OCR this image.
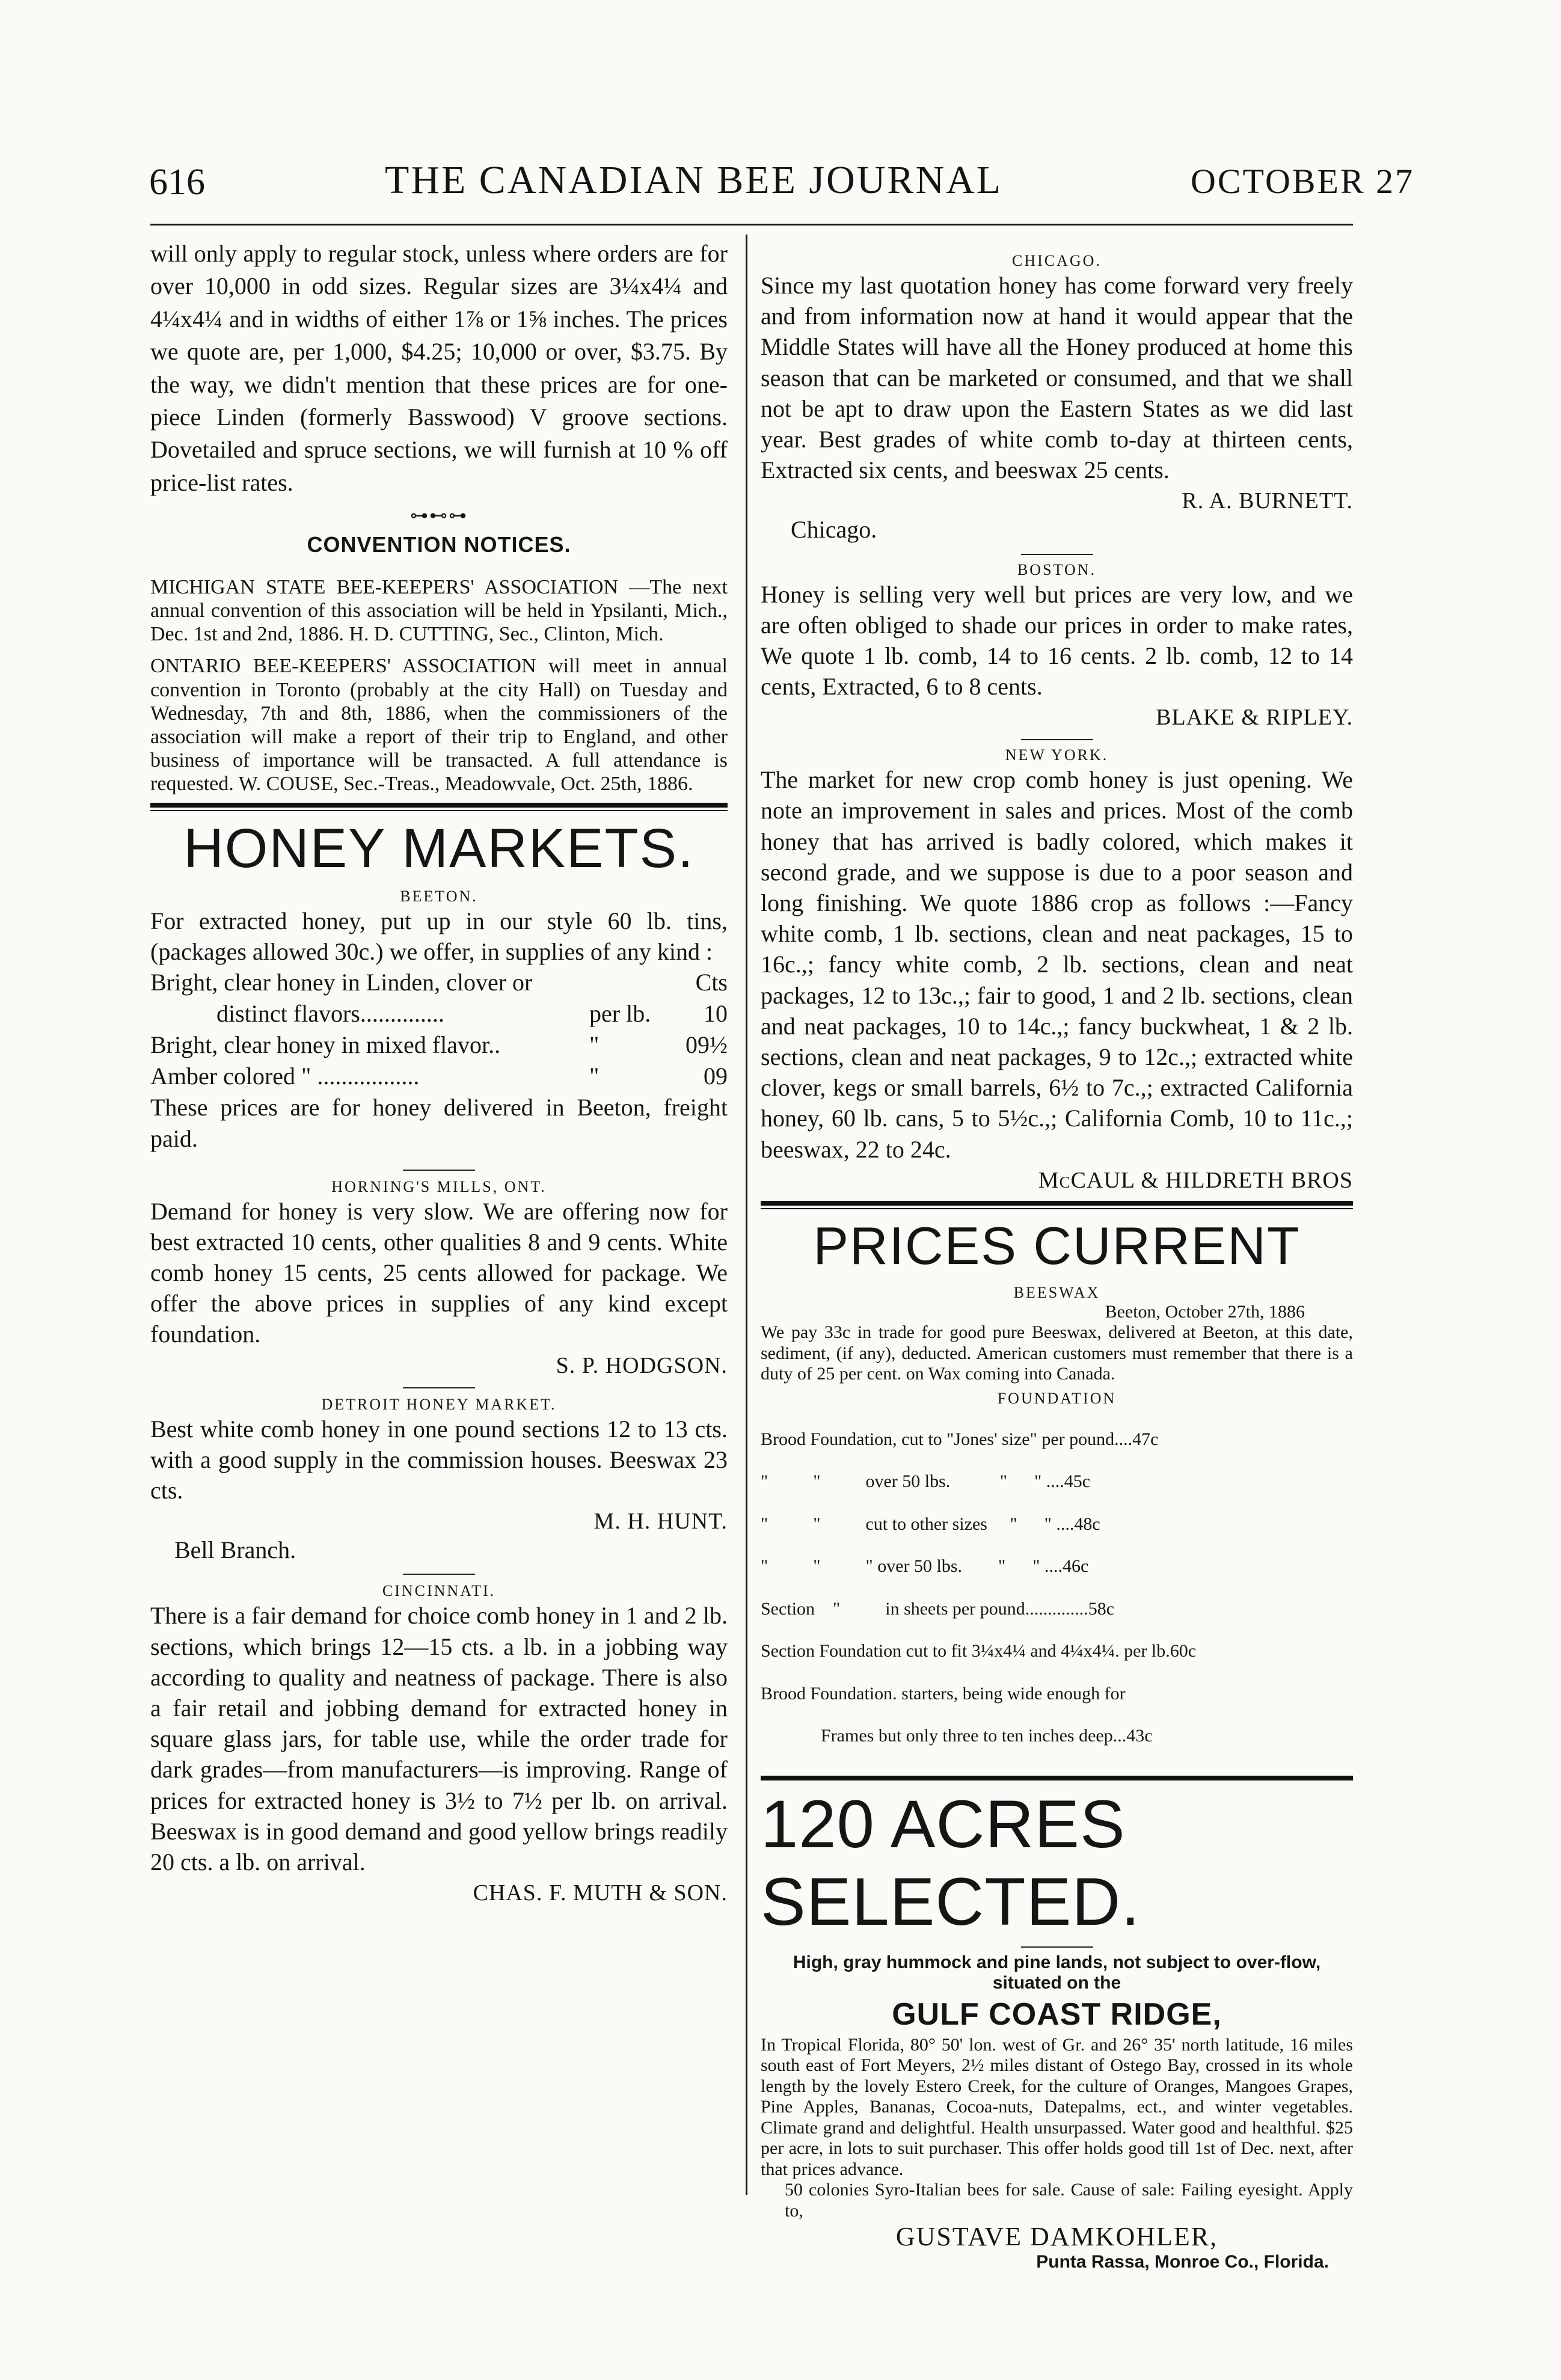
616	THE CANADIAN BEE JOURNAL	OCTOBER 27

will only apply to regular stock, unless where orders are for over 10,000 in odd sizes. Regular sizes are 3¼x4¼ and 4¼x4¼ and in widths of either 1⅞ or 1⅝ inches. The prices we quote are, per 1,000, $4.25; 10,000 or over, $3.75. By the way, we didn't mention that these prices are for one-piece Linden (formerly Basswood) V groove sections. Dovetailed and spruce sections, we will furnish at 10 % off price-list rates.

⊶⊷⊶

CONVENTION NOTICES.

MICHIGAN STATE BEE-KEEPERS' ASSOCIATION —The next annual convention of this association will be held in Ypsilanti, Mich., Dec. 1st and 2nd, 1886. H. D. CUTTING, Sec., Clinton, Mich.

ONTARIO BEE-KEEPERS' ASSOCIATION will meet in annual convention in Toronto (probably at the city Hall) on Tuesday and Wednesday, 7th and 8th, 1886, when the commissioners of the association will make a report of their trip to England, and other business of importance will be transacted. A full attendance is requested. W. COUSE, Sec.-Treas., Meadowvale, Oct. 25th, 1886.

HONEY MARKETS.

BEETON.

For extracted honey, put up in our style 60 lb. tins, (packages allowed 30c.) we offer, in supplies of any kind :

Bright, clear honey in Linden, clover or	Cts
distinct flavors..............	per lb. 10
Bright, clear honey in mixed flavor..	"	09½
Amber colored " .................	"	09

These prices are for honey delivered in Beeton, freight paid.

HORNING'S MILLS, ONT.

Demand for honey is very slow. We are offering now for best extracted 10 cents, other qualities 8 and 9 cents. White comb honey 15 cents, 25 cents allowed for package. We offer the above prices in supplies of any kind except foundation.

S. P. HODGSON.

DETROIT HONEY MARKET.

Best white comb honey in one pound sections 12 to 13 cts. with a good supply in the commission houses. Beeswax 23 cts.

M. H. HUNT.

Bell Branch.

CINCINNATI.

There is a fair demand for choice comb honey in 1 and 2 lb. sections, which brings 12—15 cts. a lb. in a jobbing way according to quality and neatness of package. There is also a fair retail and jobbing demand for extracted honey in square glass jars, for table use, while the order trade for dark grades—from manufacturers—is improving. Range of prices for extracted honey is 3½ to 7½ per lb. on arrival. Beeswax is in good demand and good yellow brings readily 20 cts. a lb. on arrival.

CHAS. F. MUTH & SON.

CHICAGO.

Since my last quotation honey has come forward very freely and from information now at hand it would appear that the Middle States will have all the Honey produced at home this season that can be marketed or consumed, and that we shall not be apt to draw upon the Eastern States as we did last year. Best grades of white comb to-day at thirteen cents, Extracted six cents, and beeswax 25 cents.

R. A. BURNETT.

Chicago.

BOSTON.

Honey is selling very well but prices are very low, and we are often obliged to shade our prices in order to make rates, We quote 1 lb. comb, 14 to 16 cents. 2 lb. comb, 12 to 14 cents, Extracted, 6 to 8 cents.

BLAKE & RIPLEY.

NEW YORK.

The market for new crop comb honey is just opening. We note an improvement in sales and prices. Most of the comb honey that has arrived is badly colored, which makes it second grade, and we suppose is due to a poor season and long finishing. We quote 1886 crop as follows :—Fancy white comb, 1 lb. sections, clean and neat packages, 15 to 16c.,; fancy white comb, 2 lb. sections, clean and neat packages, 12 to 13c.,; fair to good, 1 and 2 lb. sections, clean and neat packages, 10 to 14c.,; fancy buckwheat, 1 & 2 lb. sections, clean and neat packages, 9 to 12c.,; extracted white clover, kegs or small barrels, 6½ to 7c.,; extracted California honey, 60 lb. cans, 5 to 5½c.,; California Comb, 10 to 11c.,; beeswax, 22 to 24c.

McCAUL & HILDRETH BROS

PRICES CURRENT

BEESWAX

Beeton, October 27th, 1886

We pay 33c in trade for good pure Beeswax, delivered at Beeton, at this date, sediment, (if any), deducted. American customers must remember that there is a duty of 25 per cent. on Wax coming into Canada.

FOUNDATION

Brood Foundation, cut to "Jones' size" per pound....47c

"          "          over 50 lbs.           "      " ....45c

"          "          cut to other sizes     "      " ....48c

"          "          " over 50 lbs.        "      " ....46c

Section    "          in sheets per pound..............58c

Section Foundation cut to fit 3¼x4¼ and 4¼x4¼. per lb.60c

Brood Foundation. starters, being wide enough for

Frames but only three to ten inches deep...43c

120 ACRES SELECTED.

High, gray hummock and pine lands, not subject to over-flow, situated on the

GULF COAST RIDGE,

In Tropical Florida, 80° 50' lon. west of Gr. and 26° 35' north latitude, 16 miles south east of Fort Meyers, 2½ miles distant of Ostego Bay, crossed in its whole length by the lovely Estero Creek, for the culture of Oranges, Mangoes Grapes, Pine Apples, Bananas, Cocoa-nuts, Datepalms, ect., and winter vegetables. Climate grand and delightful. Health unsurpassed. Water good and healthful. $25 per acre, in lots to suit purchaser. This offer holds good till 1st of Dec. next, after that prices advance.

50 colonies Syro-Italian bees for sale. Cause of sale: Failing eyesight. Apply to,

GUSTAVE DAMKOHLER,

Punta Rassa, Monroe Co., Florida.
